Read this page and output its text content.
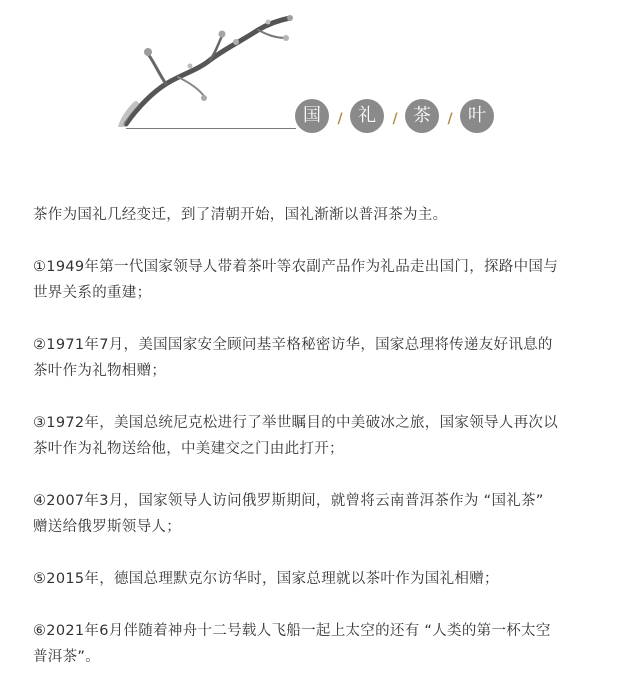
国	/ 礼	/ 茶	/ 叶

茶作为国礼几经变迁，到了清朝开始，国礼渐渐以普洱茶为主。

①1949年第一代国家领导人带着茶叶等农副产品作为礼品走出国门，探路中国与
世界关系的重建；

②1971年7月，美国国家安全顾问基辛格秘密访华，国家总理将传递友好讯息的
茶叶作为礼物相赠；

③1972年，美国总统尼克松进行了举世瞩目的中美破冰之旅，国家领导人再次以
茶叶作为礼物送给他，中美建交之门由此打开；

④2007年3月，国家领导人访问俄罗斯期间，就曾将云南普洱茶作为 “国礼茶”
赠送给俄罗斯领导人；

⑤2015年，德国总理默克尔访华时，国家总理就以茶叶作为国礼相赠；

⑥2021年6月伴随着神舟十二号载人飞船一起上太空的还有 “人类的第一杯太空
普洱茶”。
